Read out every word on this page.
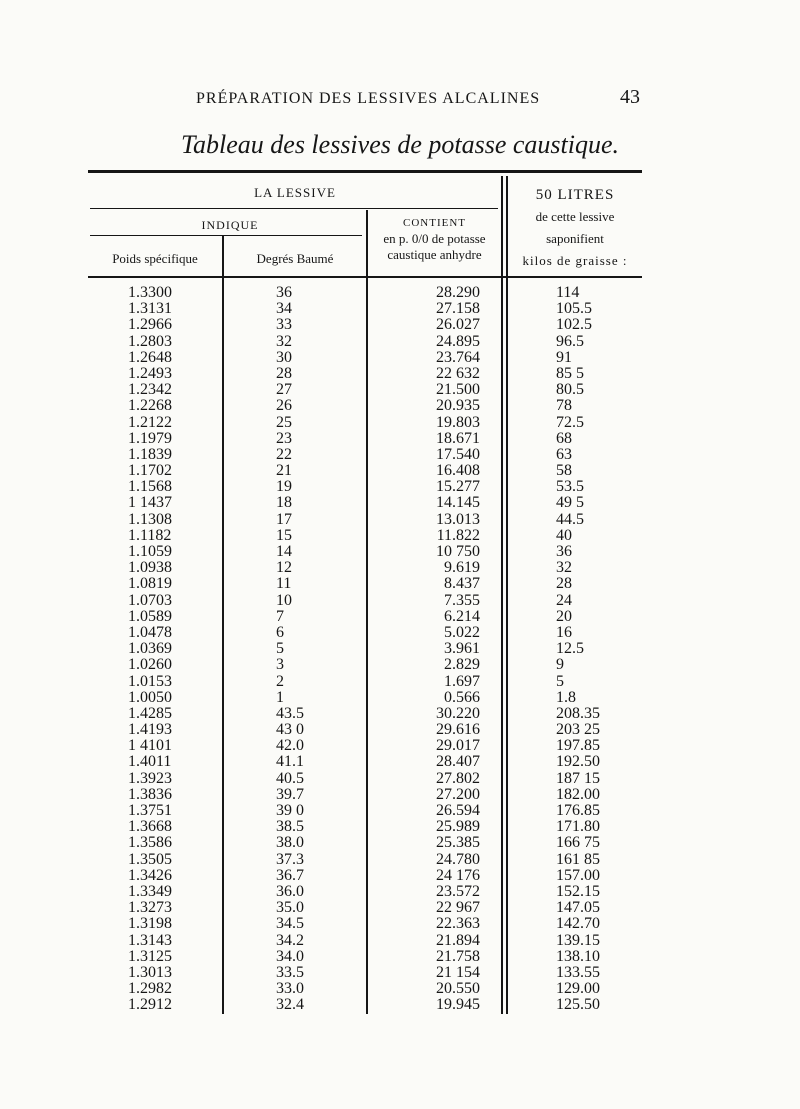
PRÉPARATION DES LESSIVES ALCALINES	43
Tableau des lessives de potasse caustique.
LA LESSIVE
INDIQUE
Poids spécifique	Degrés Baumé
CONTIENT
en p. 0/0 de potasse
caustique anhydre
50 LITRES
de cette lessive
saponifient
kilos de graisse :
1.3300
1.3131
1.2966
1.2803
1.2648
1.2493
1.2342
1.2268
1.2122
1.1979
1.1839
1.1702
1.1568
1 1437
1.1308
1.1182
1.1059
1.0938
1.0819
1.0703
1.0589
1.0478
1.0369
1.0260
1.0153
1.0050
1.4285
1.4193
1 4101
1.4011
1.3923
1.3836
1.3751
1.3668
1.3586
1.3505
1.3426
1.3349
1.3273
1.3198
1.3143
1.3125
1.3013
1.2982
1.2912
36
34
33
32
30
28
27
26
25
23
22
21
19
18
17
15
14
12
11
10
7
6
5
3
2
1
43.5
43 0
42.0
41.1
40.5
39.7
39 0
38.5
38.0
37.3
36.7
36.0
35.0
34.5
34.2
34.0
33.5
33.0
32.4
28.290
27.158
26.027
24.895
23.764
22 632
21.500
20.935
19.803
18.671
17.540
16.408
15.277
14.145
13.013
11.822
10 750
9.619
8.437
7.355
6.214
5.022
3.961
2.829
1.697
0.566
30.220
29.616
29.017
28.407
27.802
27.200
26.594
25.989
25.385
24.780
24 176
23.572
22 967
22.363
21.894
21.758
21 154
20.550
19.945
114
105.5
102.5
96.5
91
85 5
80.5
78
72.5
68
63
58
53.5
49 5
44.5
40
36
32
28
24
20
16
12.5
9
5
1.8
208.35
203 25
197.85
192.50
187 15
182.00
176.85
171.80
166 75
161 85
157.00
152.15
147.05
142.70
139.15
138.10
133.55
129.00
125.50
